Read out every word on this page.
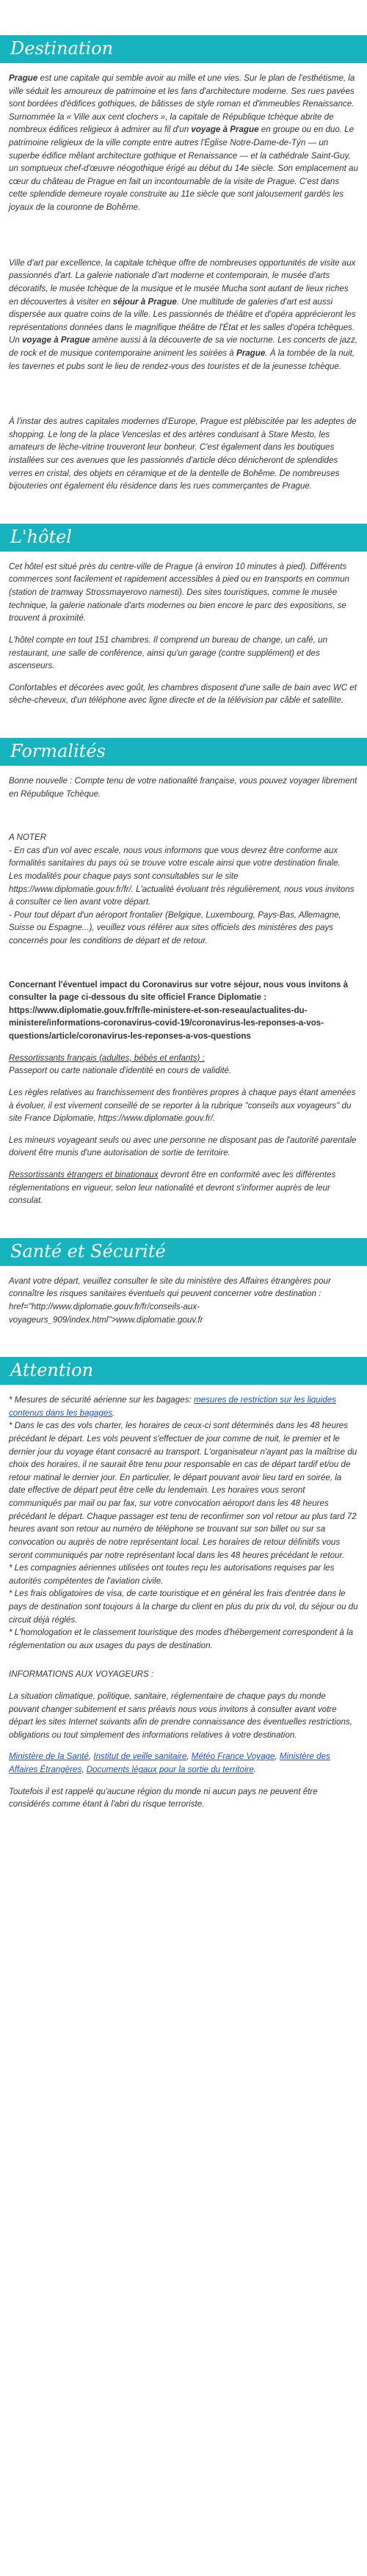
Destination

Prague est une capitale qui semble avoir au mille et une vies. Sur le plan de l'esthétisme, la ville séduit les amoureux de patrimoine et les fans d'architecture moderne. Ses rues pavées sont bordées d'édifices gothiques, de bâtisses de style roman et d'immeubles Renaissance. Surnommée la « Ville aux cent clochers », la capitale de République tchèque abrite de nombreux édifices religieux à admirer au fil d'un voyage à Prague en groupe ou en duo. Le patrimoine religieux de la ville compte entre autres l'Église Notre-Dame-de-Týn — un superbe édifice mêlant architecture gothique et Renaissance — et la cathédrale Saint-Guy, un somptueux chef-d'œuvre néogothique érigé au début du 14e siècle. Son emplacement au cœur du château de Prague en fait un incontournable de la visite de Prague. C'est dans cette splendide demeure royale construite au 11e siècle que sont jalousement gardés les joyaux de la couronne de Bohême.

Ville d'art par excellence, la capitale tchèque offre de nombreuses opportunités de visite aux passionnés d'art. La galerie nationale d'art moderne et contemporain, le musée d'arts décoratifs, le musée tchèque de la musique et le musée Mucha sont autant de lieux riches en découvertes à visiter en séjour à Prague. Une multitude de galeries d'art est aussi dispersée aux quatre coins de la ville. Les passionnés de théâtre et d'opéra apprécieront les représentations données dans le magnifique théâtre de l'État et les salles d'opéra tchèques. Un voyage à Prague amène aussi à la découverte de sa vie nocturne. Les concerts de jazz, de rock et de musique contemporaine animent les soirées à Prague. À la tombée de la nuit, les tavernes et pubs sont le lieu de rendez-vous des touristes et de la jeunesse tchèque.

À l'instar des autres capitales modernes d'Europe, Prague est plébiscitée par les adeptes de shopping. Le long de la place Venceslas et des artères conduisant à Stare Mesto, les amateurs de lèche-vitrine trouveront leur bonheur. C'est également dans les boutiques installées sur ces avenues que les passionnés d'article déco dénicheront de splendides verres en cristal, des objets en céramique et de la dentelle de Bohême. De nombreuses bijouteries ont également élu résidence dans les rues commerçantes de Prague.

L'hôtel

Cet hôtel est situé près du centre-ville de Prague (à environ 10 minutes à pied). Différents commerces sont facilement et rapidement accessibles à pied ou en transports en commun (station de tramway Strossmayerovo namesti). Des sites touristiques, comme le musée technique, la galerie nationale d'arts modernes ou bien encore le parc des expositions, se trouvent à proximité.

L'hôtel compte en tout 151 chambres. Il comprend un bureau de change, un café, un restaurant, une salle de conférence, ainsi qu'un garage (contre supplément) et des ascenseurs.

Confortables et décorées avec goût, les chambres disposent d'une salle de bain avec WC et sèche-cheveux, d'un téléphone avec ligne directe et de la télévision par câble et satellite.

Formalités

Bonne nouvelle : Compte tenu de votre nationalité française, vous pouvez voyager librement en République Tchèque.

A NOTER
- En cas d'un vol avec escale, nous vous informons que vous devrez être conforme aux formalités sanitaires du pays où se trouve votre escale ainsi que votre destination finale.
Les modalités pour chaque pays sont consultables sur le site https://www.diplomatie.gouv.fr/fr/. L'actualité évoluant très régulièrement, nous vous invitons à consulter ce lien avant votre départ.

- Pour tout départ d'un aéroport frontalier (Belgique, Luxembourg, Pays-Bas, Allemagne, Suisse ou Espagne...), veuillez vous référer aux sites officiels des ministères des pays concernés pour les conditions de départ et de retour.

Concernant l'éventuel impact du Coronavirus sur votre séjour, nous vous invitons à consulter la page ci-dessous du site officiel France Diplomatie : https://www.diplomatie.gouv.fr/fr/le-ministere-et-son-reseau/actualites-du-ministere/informations-coronavirus-covid-19/coronavirus-les-reponses-a-vos-questions/article/coronavirus-les-reponses-a-vos-questions

Ressortissants français (adultes, bébés et enfants) :

Passeport ou carte nationale d'identité en cours de validité.

Les règles relatives au franchissement des frontières propres à chaque pays étant amenées à évoluer, il est vivement conseillé de se reporter à la rubrique "conseils aux voyageurs" du site France Diplomatie, https://www.diplomatie.gouv.fr/.

Les mineurs voyageant seuls ou avec une personne ne disposant pas de l'autorité parentale doivent être munis d'une autorisation de sortie de territoire.

Ressortissants étrangers et binationaux devront être en conformité avec les différentes réglementations en vigueur, selon leur nationalité et devront s'informer auprès de leur consulat.

Santé et Sécurité

Avant votre départ, veuillez consulter le site du ministère des Affaires étrangères pour connaître les risques sanitaires éventuels qui peuvent concerner votre destination : href="http://www.diplomatie.gouv.fr/fr/conseils-aux-voyageurs_909/index.html">www.diplomatie.gouv.fr

Attention
* Mesures de sécurité aérienne sur les bagages: mesures de restriction sur les liquides contenus dans les bagages.
* Dans le cas des vols charter, les horaires de ceux-ci sont déterminés dans les 48 heures précédant le départ. Les vols peuvent s'effectuer de jour comme de nuit, le premier et le dernier jour du voyage étant consacré au transport. L'organisateur n'ayant pas la maîtrise du choix des horaires, il ne saurait être tenu pour responsable en cas de départ tardif et/ou de retour matinal le dernier jour. En particulier, le départ pouvant avoir lieu tard en soirée, la date effective de départ peut être celle du lendemain. Les horaires vous seront communiqués par mail ou par fax, sur votre convocation aéroport dans les 48 heures précédant le départ. Chaque passager est tenu de reconfirmer son vol retour au plus tard 72 heures avant son retour au numéro de téléphone se trouvant sur son billet ou sur sa convocation ou auprès de notre représentant local. Les horaires de retour définitifs vous seront communiqués par notre représentant local dans les 48 heures précédant le retour.
* Les compagnies aériennes utilisées ont toutes reçu les autorisations requises par les autorités compétentes de l'aviation civile.
* Les frais obligatoires de visa, de carte touristique et en général les frais d'entrée dans le pays de destination sont toujours à la charge du client en plus du prix du vol, du séjour ou du circuit déjà réglés.

* L'homologation et le classement touristique des modes d'hébergement correspondent à la réglementation ou aux usages du pays de destination.

INFORMATIONS AUX VOYAGEURS :

La situation climatique, politique, sanitaire, réglementaire de chaque pays du monde pouvant changer subitement et sans préavis nous vous invitons à consulter avant votre départ les sites Internet suivants afin de prendre connaissance des éventuelles restrictions, obligations ou tout simplement des informations relatives à votre destination.

Ministère de la Santé, Institut de veille sanitaire, Météo France Voyage, Ministère des Affaires Étrangères, Documents légaux pour la sortie du territoire.

Toutefois il est rappelé qu'aucune région du monde ni aucun pays ne peuvent être considérés comme étant à l'abri du risque terroriste.
